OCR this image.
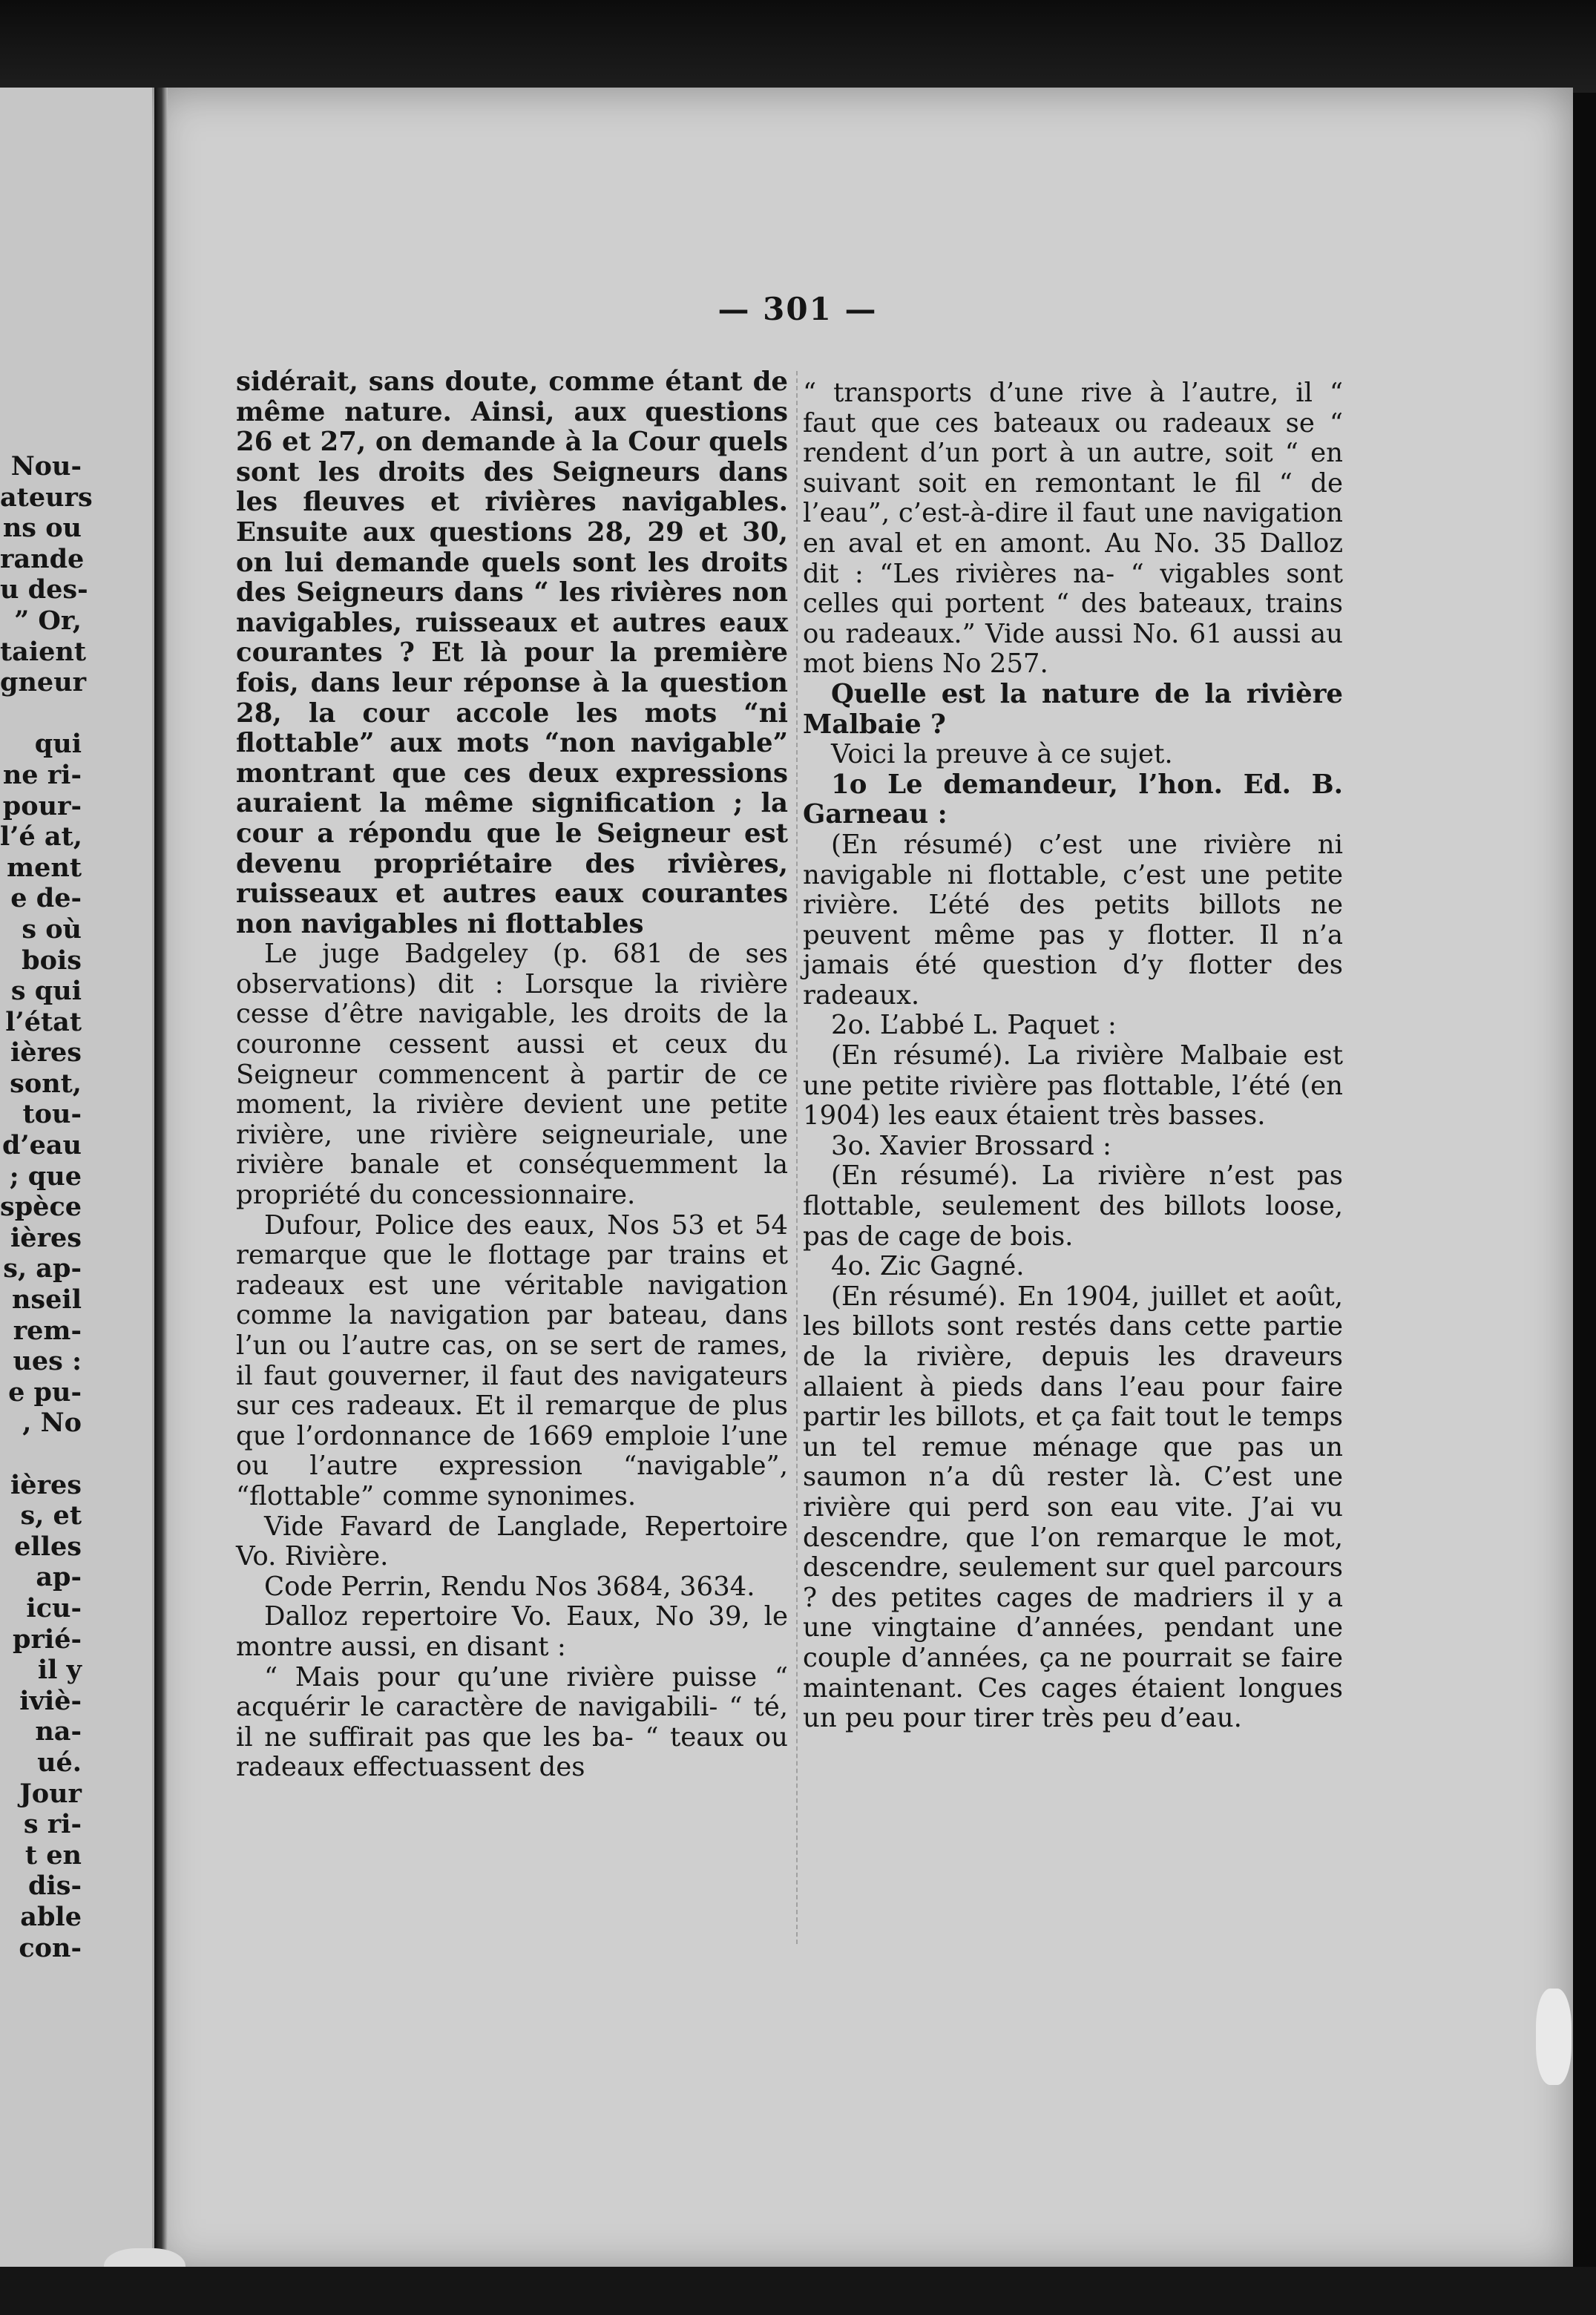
Nou-
ateurs
ns ou
rande
u des-
” Or,
taient
gneur
qui
ne ri-
pour-
l’é at,
ment
e de-
s où
bois
s qui
l’état
ières
sont,
tou-
d’eau
; que
spèce
ières
s, ap-
nseil
rem-
ues :
e pu-
, No
ières
s, et
elles
ap-
icu-
prié-
il y
iviè-
na-
ué.
Jour
s ri-
t en
dis-
able
con-
— 301 —

sidérait, sans doute, comme étant de même nature. Ainsi, aux questions 26 et 27, on demande à la Cour quels sont les droits des Seigneurs dans les fleuves et rivières navigables. Ensuite aux questions 28, 29 et 30, on lui demande quels sont les droits des Seigneurs dans “ les rivières non navigables, ruisseaux et autres eaux courantes ? Et là pour la première fois, dans leur réponse à la question 28, la cour accole les mots “ni flottable” aux mots “non navigable” montrant que ces deux expressions auraient la même signification ; la cour a répondu que le Seigneur est devenu propriétaire des rivières, ruisseaux et autres eaux courantes non navigables ni flottables

Le juge Badgeley (p. 681 de ses observations) dit : Lorsque la rivière cesse d’être navigable, les droits de la couronne cessent aussi et ceux du Seigneur commencent à partir de ce moment, la rivière devient une petite rivière, une rivière seigneuriale, une rivière banale et conséquemment la propriété du concessionnaire.

Dufour, Police des eaux, Nos 53 et 54 remarque que le flottage par trains et radeaux est une véritable navigation comme la navigation par bateau, dans l’un ou l’autre cas, on se sert de rames, il faut gouverner, il faut des navigateurs sur ces radeaux. Et il remarque de plus que l’ordonnance de 1669 emploie l’une ou l’autre expression “navigable”, “flottable” comme synonimes.

Vide Favard de Langlade, Repertoire Vo. Rivière.

Code Perrin, Rendu Nos 3684, 3634.

Dalloz repertoire Vo. Eaux, No 39, le montre aussi, en disant :

“ Mais pour qu’une rivière puisse “ acquérir le caractère de navigabili- “ té, il ne suffirait pas que les ba- “ teaux ou radeaux effectuassent des

“ transports d’une rive à l’autre, il “ faut que ces bateaux ou radeaux se “ rendent d’un port à un autre, soit “ en suivant soit en remontant le fil “ de l’eau”, c’est-à-dire il faut une navigation en aval et en amont. Au No. 35 Dalloz dit : “Les rivières na- “ vigables sont celles qui portent “ des bateaux, trains ou radeaux.” Vide aussi No. 61 aussi au mot biens No 257.

Quelle est la nature de la rivière Malbaie ?

Voici la preuve à ce sujet.

1o Le demandeur, l’hon. Ed. B. Garneau :

(En résumé) c’est une rivière ni navigable ni flottable, c’est une petite rivière. L’été des petits billots ne peuvent même pas y flotter. Il n’a jamais été question d’y flotter des radeaux.

2o. L’abbé L. Paquet :

(En résumé). La rivière Malbaie est une petite rivière pas flottable, l’été (en 1904) les eaux étaient très basses.

3o. Xavier Brossard :

(En résumé). La rivière n’est pas flottable, seulement des billots loose, pas de cage de bois.

4o. Zic Gagné.

(En résumé). En 1904, juillet et août, les billots sont restés dans cette partie de la rivière, depuis les draveurs allaient à pieds dans l’eau pour faire partir les billots, et ça fait tout le temps un tel remue ménage que pas un saumon n’a dû rester là. C’est une rivière qui perd son eau vite. J’ai vu descendre, que l’on remarque le mot, descendre, seulement sur quel parcours ? des petites cages de madriers il y a une vingtaine d’années, pendant une couple d’années, ça ne pourrait se faire maintenant. Ces cages étaient longues un peu pour tirer très peu d’eau.
